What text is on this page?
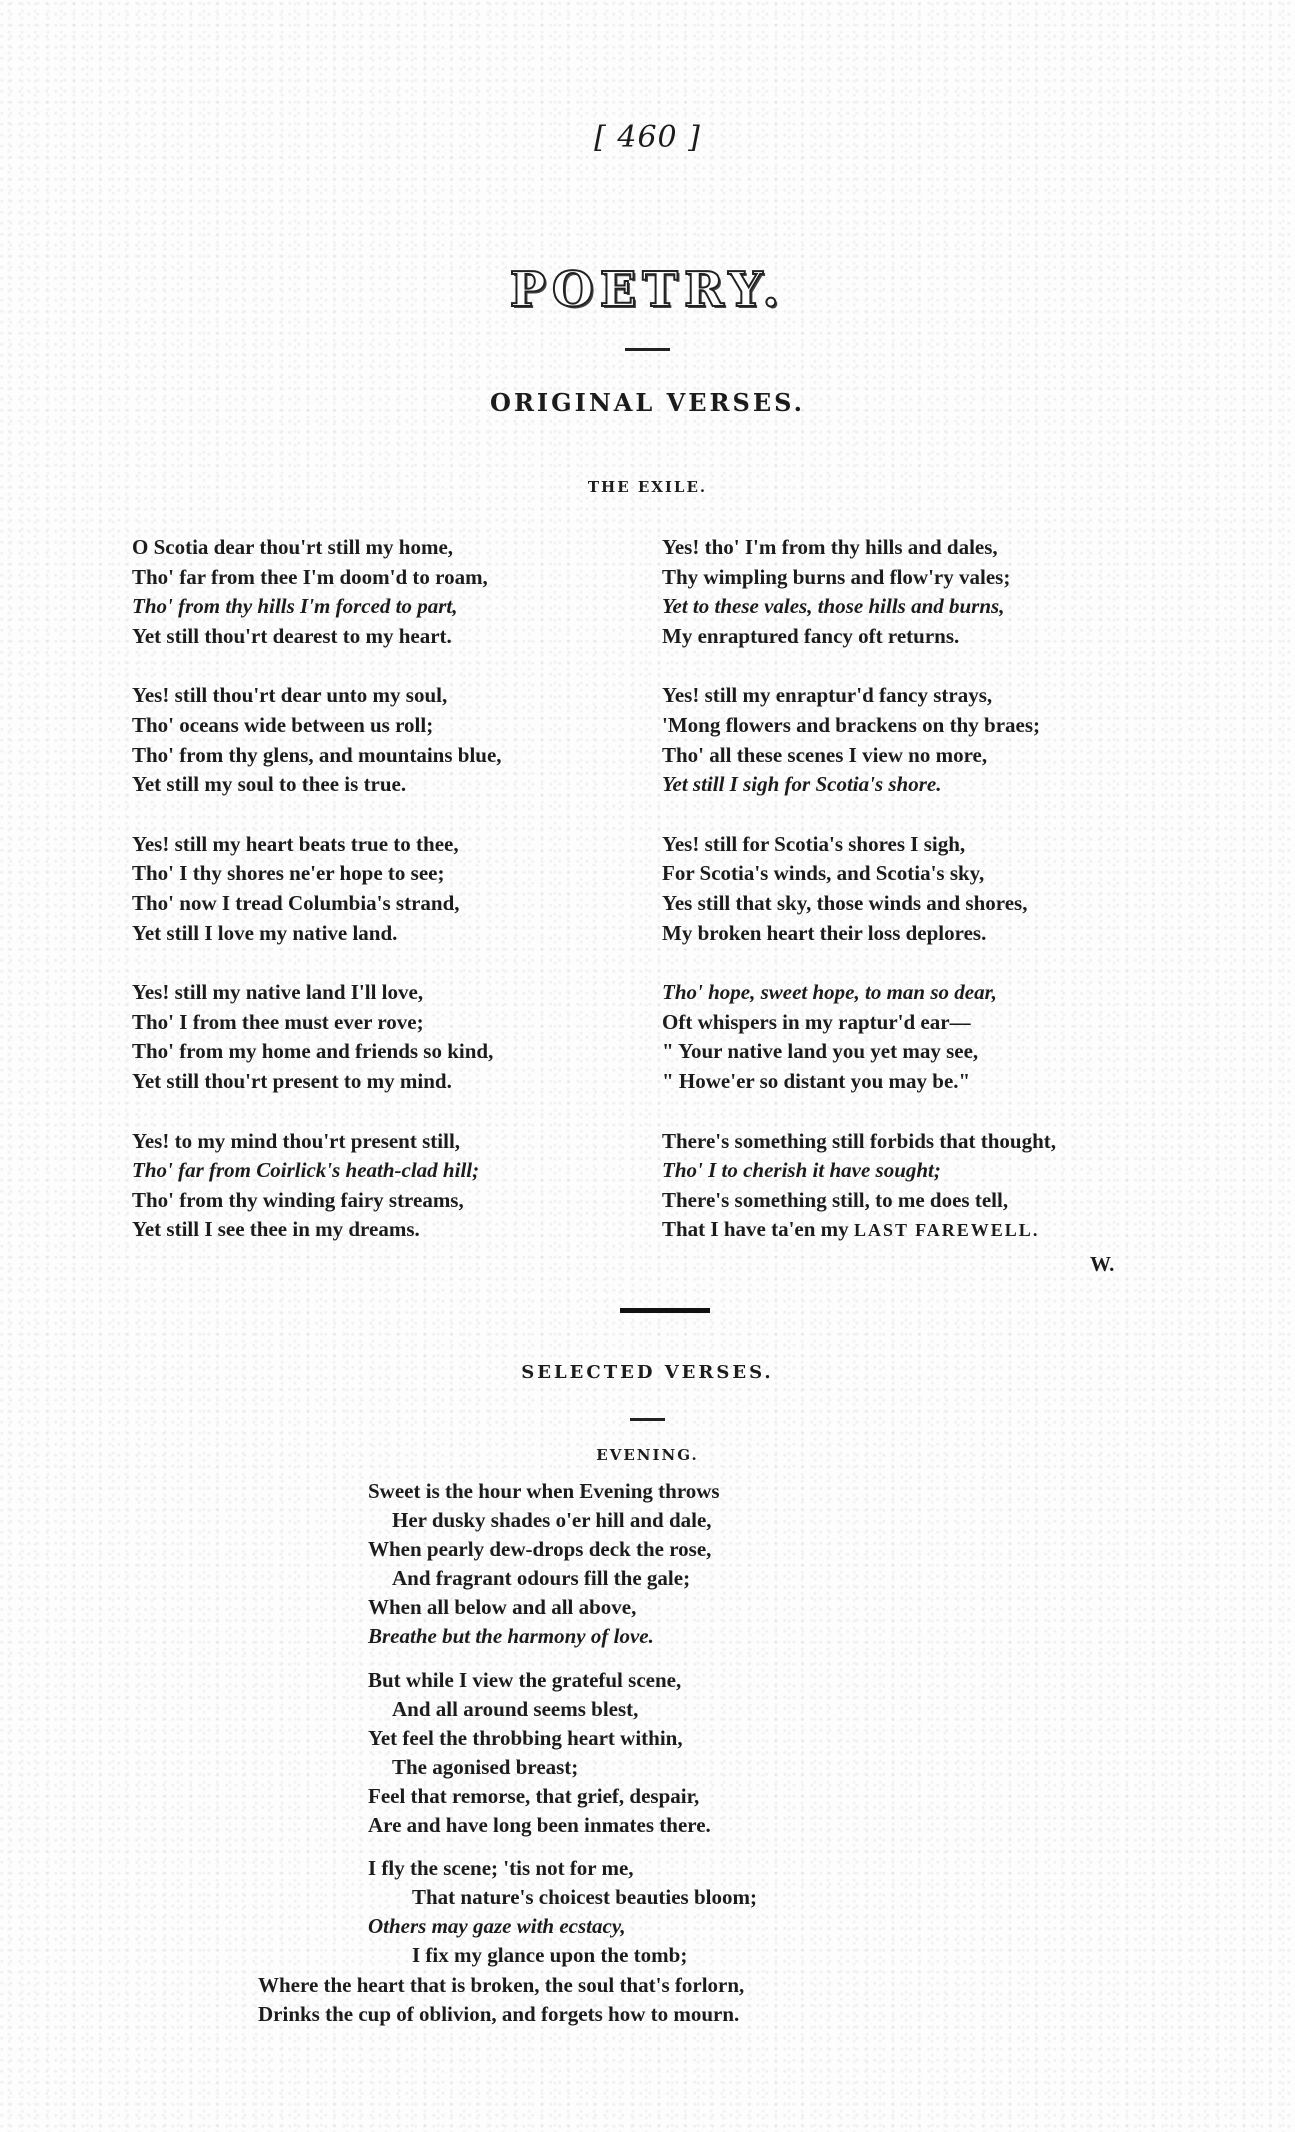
[ 460 ]
POETRY.
ORIGINAL VERSES.
THE EXILE.
O Scotia dear thou'rt still my home,
Tho' far from thee I'm doom'd to roam,
Tho' from thy hills I'm forced to part,
Yet still thou'rt dearest to my heart.
Yes! still thou'rt dear unto my soul,
Tho' oceans wide between us roll;
Tho' from thy glens, and mountains blue,
Yet still my soul to thee is true.
Yes! still my heart beats true to thee,
Tho' I thy shores ne'er hope to see;
Tho' now I tread Columbia's strand,
Yet still I love my native land.
Yes! still my native land I'll love,
Tho' I from thee must ever rove;
Tho' from my home and friends so kind,
Yet still thou'rt present to my mind.
Yes! to my mind thou'rt present still,
Tho' far from Coirlick's heath-clad hill;
Tho' from thy winding fairy streams,
Yet still I see thee in my dreams.
Yes! tho' I'm from thy hills and dales,
Thy wimpling burns and flow'ry vales;
Yet to these vales, those hills and burns,
My enraptured fancy oft returns.
Yes! still my enraptur'd fancy strays,
'Mong flowers and brackens on thy braes;
Tho' all these scenes I view no more,
Yet still I sigh for Scotia's shore.
Yes! still for Scotia's shores I sigh,
For Scotia's winds, and Scotia's sky,
Yes still that sky, those winds and shores,
My broken heart their loss deplores.
Tho' hope, sweet hope, to man so dear,
Oft whispers in my raptur'd ear—
" Your native land you yet may see,
" Howe'er so distant you may be."
There's something still forbids that thought,
Tho' I to cherish it have sought;
There's something still, to me does tell,
That I have ta'en my LAST FAREWELL.
W.
SELECTED VERSES.
EVENING.
Sweet is the hour when Evening throws
Her dusky shades o'er hill and dale,
When pearly dew-drops deck the rose,
And fragrant odours fill the gale;
When all below and all above,
Breathe but the harmony of love.
But while I view the grateful scene,
And all around seems blest,
Yet feel the throbbing heart within,
The agonised breast;
Feel that remorse, that grief, despair,
Are and have long been inmates there.
I fly the scene; 'tis not for me,
That nature's choicest beauties bloom;
Others may gaze with ecstacy,
I fix my glance upon the tomb;
Where the heart that is broken, the soul that's forlorn,
Drinks the cup of oblivion, and forgets how to mourn.
